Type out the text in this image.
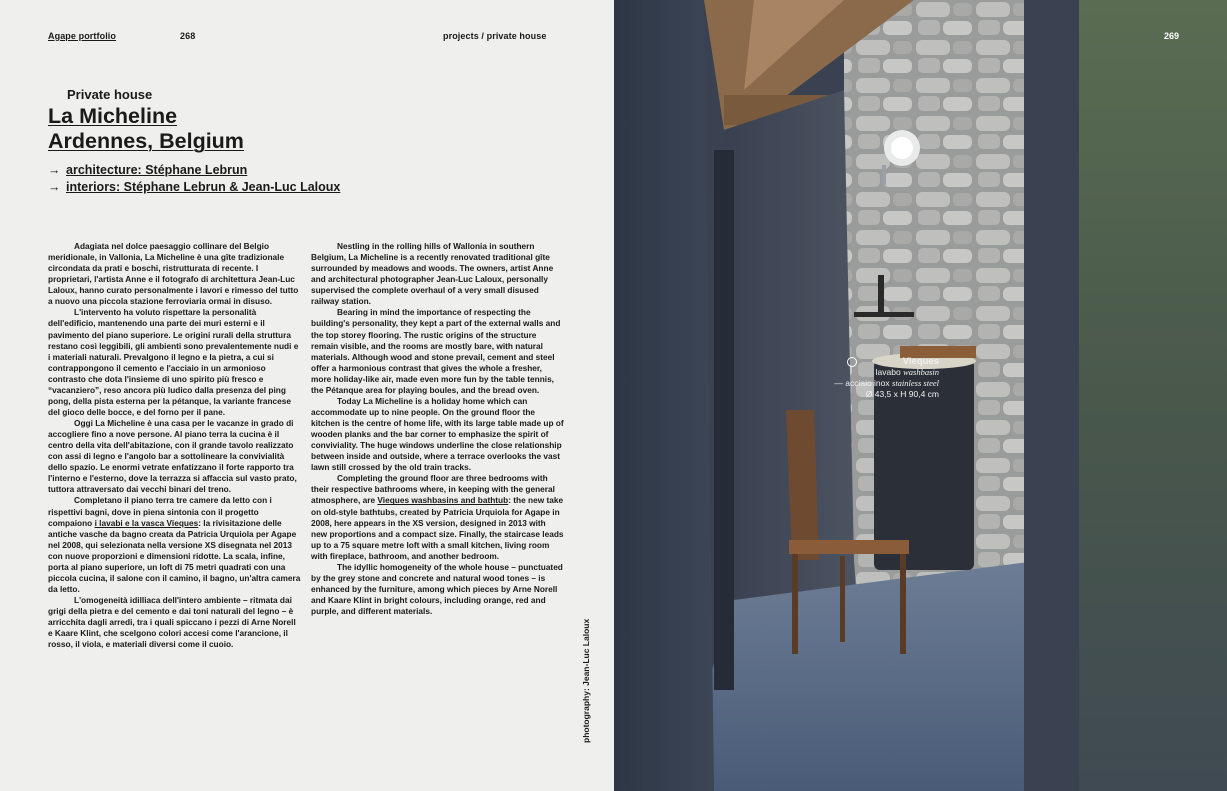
Agape portfolio	268	projects / private house
Private house
La Micheline
Ardennes, Belgium
→ architecture: Stéphane Lebrun
→ interiors: Stéphane Lebrun & Jean-Luc Laloux

Adagiata nel dolce paesaggio collinare del Belgio meridionale, in Vallonia, La Micheline è una gîte tradizionale circondata da prati e boschi, ristrutturata di recente. I proprietari, l'artista Anne e il fotografo di architettura Jean-Luc Laloux, hanno curato personalmente i lavori e rimesso del tutto a nuovo una piccola stazione ferroviaria ormai in disuso.

L'intervento ha voluto rispettare la personalità dell'edificio, mantenendo una parte dei muri esterni e il pavimento del piano superiore. Le origini rurali della struttura restano così leggibili, gli ambienti sono prevalentemente nudi e i materiali naturali. Prevalgono il legno e la pietra, a cui si contrappongono il cemento e l'acciaio in un armonioso contrasto che dota l'insieme di uno spirito più fresco e “vacanziero”, reso ancora più ludico dalla presenza del ping pong, della pista esterna per la pétanque, la variante francese del gioco delle bocce, e del forno per il pane.

Oggi La Micheline è una casa per le vacanze in grado di accogliere fino a nove persone. Al piano terra la cucina è il centro della vita dell'abitazione, con il grande tavolo realizzato con assi di legno e l'angolo bar a sottolineare la convivialità dello spazio. Le enormi vetrate enfatizzano il forte rapporto tra l'interno e l'esterno, dove la terrazza si affaccia sul vasto prato, tuttora attraversato dai vecchi binari del treno.

Completano il piano terra tre camere da letto con i rispettivi bagni, dove in piena sintonia con il progetto compaiono i lavabi e la vasca Vieques: la rivisitazione delle antiche vasche da bagno creata da Patricia Urquiola per Agape nel 2008, qui selezionata nella versione XS disegnata nel 2013 con nuove proporzioni e dimensioni ridotte. La scala, infine, porta al piano superiore, un loft di 75 metri quadrati con una piccola cucina, il salone con il camino, il bagno, un'altra camera da letto.

L'omogeneità idilliaca dell'intero ambiente – ritmata dai grigi della pietra e del cemento e dai toni naturali del legno – è arricchita dagli arredi, tra i quali spiccano i pezzi di Arne Norell e Kaare Klint, che scelgono colori accesi come l'arancione, il rosso, il viola, e materiali diversi come il cuoio.

Nestling in the rolling hills of Wallonia in southern Belgium, La Micheline is a recently renovated traditional gîte surrounded by meadows and woods. The owners, artist Anne and architectural photographer Jean-Luc Laloux, personally supervised the complete overhaul of a very small disused railway station.

Bearing in mind the importance of respecting the building's personality, they kept a part of the external walls and the top storey flooring. The rustic origins of the structure remain visible, and the rooms are mostly bare, with natural materials. Although wood and stone prevail, cement and steel offer a harmonious contrast that gives the whole a fresher, more holiday-like air, made even more fun by the table tennis, the Pétanque area for playing boules, and the bread oven.

Today La Micheline is a holiday home which can accommodate up to nine people. On the ground floor the kitchen is the centre of home life, with its large table made up of wooden planks and the bar corner to emphasize the spirit of conviviality. The huge windows underline the close relationship between inside and outside, where a terrace overlooks the vast lawn still crossed by the old train tracks.

Completing the ground floor are three bedrooms with their respective bathrooms where, in keeping with the general atmosphere, are Vieques washbasins and bathtub: the new take on old-style bathtubs, created by Patricia Urquiola for Agape in 2008, here appears in the XS version, designed in 2013 with new proportions and a compact size. Finally, the staircase leads up to a 75 square metre loft with a small kitchen, living room with fireplace, bathroom, and another bedroom.

The idyllic homogeneity of the whole house – punctuated by the grey stone and concrete and natural wood tones – is enhanced by the furniture, among which pieces by Arne Norell and Kaare Klint in bright colours, including orange, red and purple, and different materials.

photography: Jean-Luc Laloux
269
Vieques
lavabo washbasin
— acciaio inox stainless steel
Ø 43,5 x H 90,4 cm
